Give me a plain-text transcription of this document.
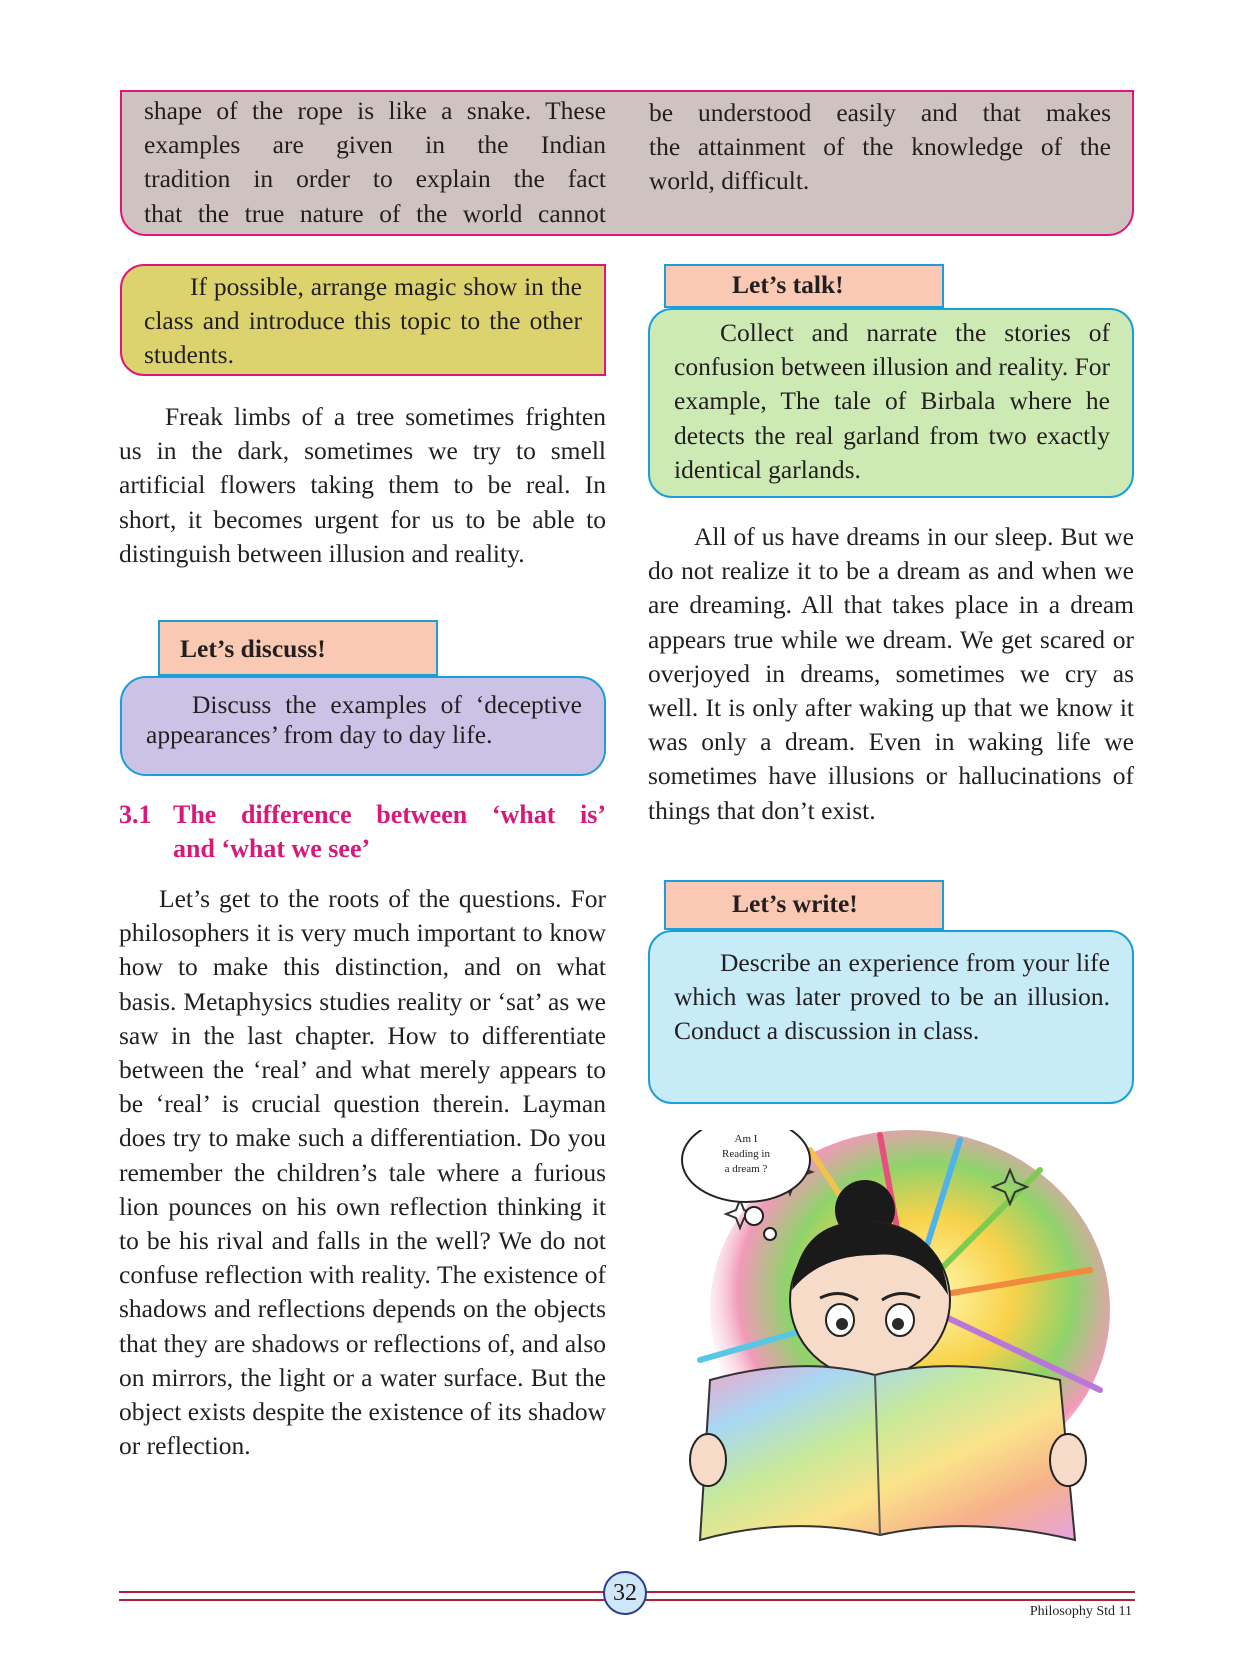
shape of the rope is like a snake. These
examples are given in the Indian
tradition in order to explain the fact
that the true nature of the world cannot
be understood easily and that makes
the attainment of the knowledge of the
world, difficult.

If possible, arrange magic show in the class and introduce this topic to the other students.

Freak limbs of a tree sometimes frighten us in the dark, sometimes we try to smell artificial flowers taking them to be real. In short, it becomes urgent for us to be able to distinguish between illusion and reality.

Let’s talk!

Collect and narrate the stories of confusion between illusion and reality. For example, The tale of Birbala where he detects the real garland from two exactly identical garlands.

Let’s discuss!

Discuss the examples of ‘deceptive appearances’ from day to day life.

3.1 The difference between ‘what is’
and ‘what we see’

Let’s get to the roots of the questions. For philosophers it is very much important to know how to make this distinction, and on what basis. Metaphysics studies reality or ‘sat’ as we saw in the last chapter. How to differentiate between the ‘real’ and what merely appears to be ‘real’ is crucial question therein. Layman does try to make such a differentiation. Do you remember the children’s tale where a furious lion pounces on his own reflection thinking it to be his rival and falls in the well? We do not confuse reflection with reality. The existence of shadows and reflections depends on the objects that they are shadows or reflections of, and also on mirrors, the light or a water surface. But the object exists despite the existence of its shadow or reflection.

All of us have dreams in our sleep. But we do not realize it to be a dream as and when we are dreaming. All that takes place in a dream appears true while we dream. We get scared or overjoyed in dreams, sometimes we cry as well. It is only after waking up that we know it was only a dream. Even in waking life we sometimes have illusions or hallucinations of things that don’t exist.

Let’s write!

Describe an experience from your life which was later proved to be an illusion. Conduct a discussion in class.

Am I
Reading in
a dream ?
32
Philosophy Std 11
